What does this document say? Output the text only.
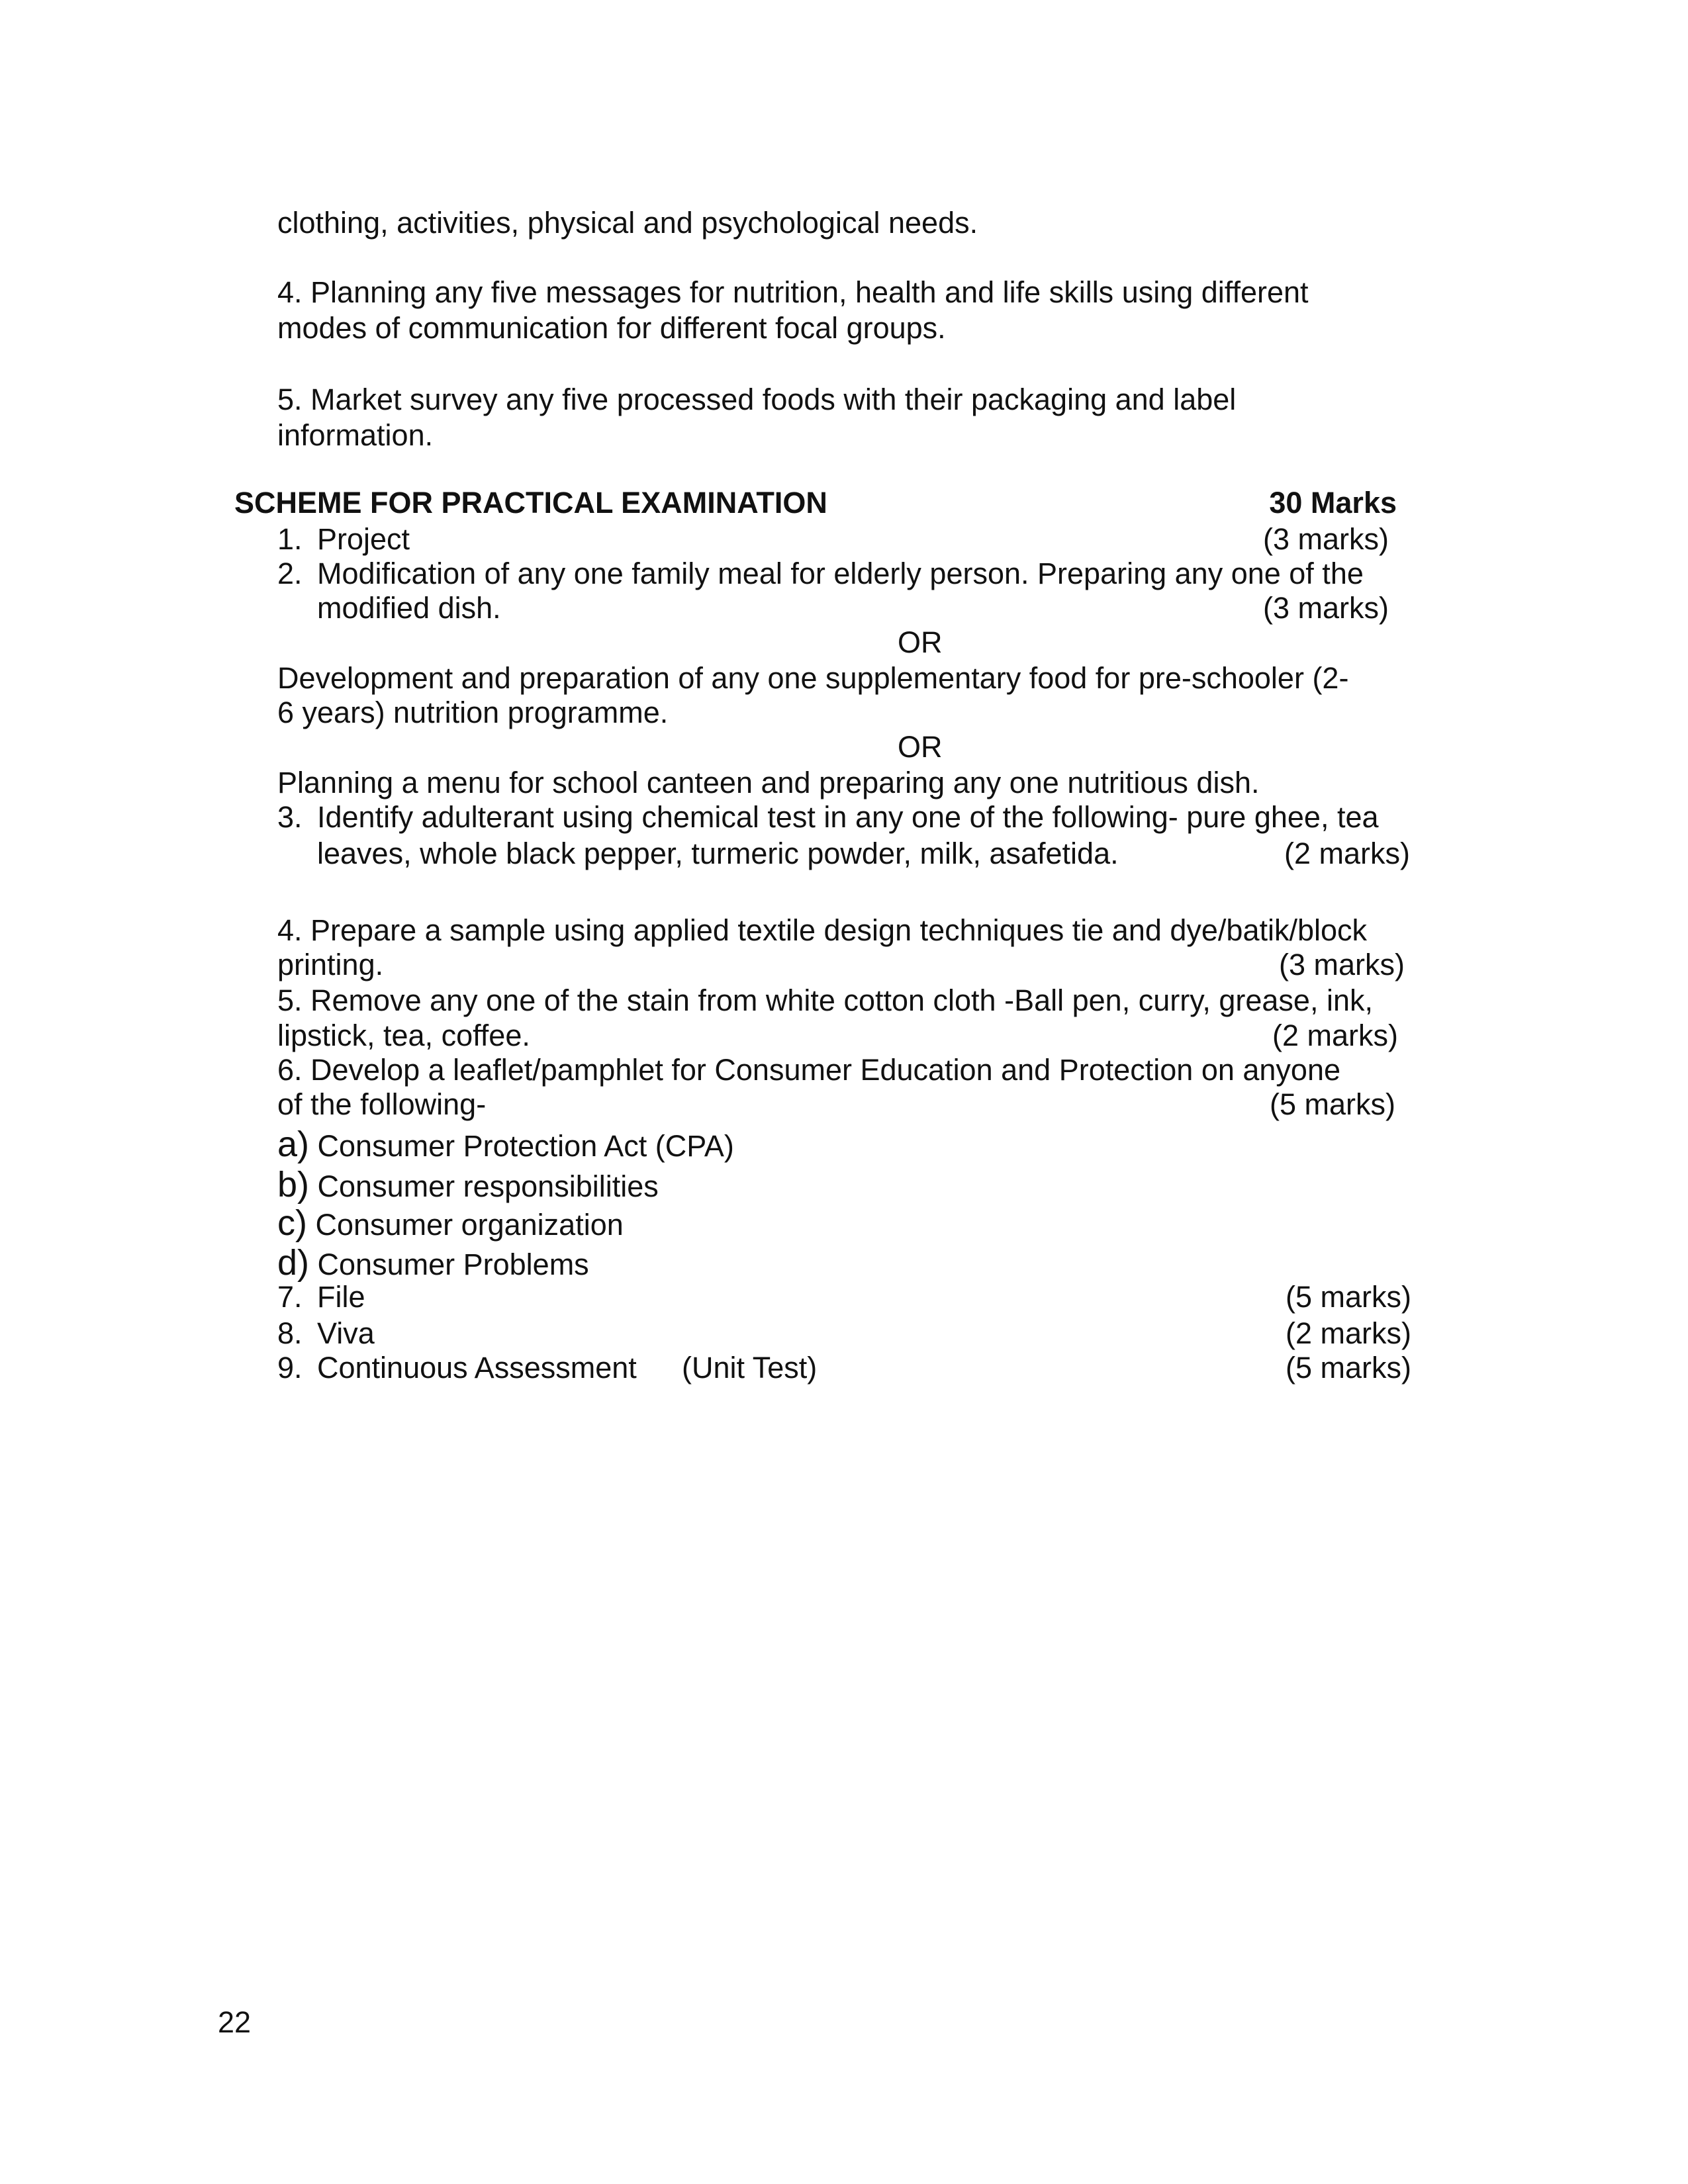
clothing, activities, physical and psychological needs.
4. Planning any five messages for nutrition, health and life skills using different
modes of communication for different focal groups.
5. Market survey any five processed foods with their packaging and label
information.
SCHEME FOR PRACTICAL EXAMINATION	30 Marks
1. Project	(3 marks)
2. Modification of any one family meal for elderly person. Preparing any one of the
modified dish.	(3 marks)
OR
Development and preparation of any one supplementary food for pre-schooler (2-
6 years) nutrition programme.
OR
Planning a menu for school canteen and preparing any one nutritious dish.
3. Identify adulterant using chemical test in any one of the following- pure ghee, tea
leaves, whole black pepper, turmeric powder, milk, asafetida.	(2 marks)
4. Prepare a sample using applied textile design techniques tie and dye/batik/block
printing.	(3 marks)
5. Remove any one of the stain from white cotton cloth -Ball pen, curry, grease, ink,
lipstick, tea, coffee.	(2 marks)
6. Develop a leaflet/pamphlet for Consumer Education and Protection on anyone
of the following-	(5 marks)
a) Consumer Protection Act (CPA)
b) Consumer responsibilities
c) Consumer organization
d) Consumer Problems
7. File	(5 marks)
8. Viva	(2 marks)
9. Continuous Assessment (Unit Test)	(5 marks)
22
